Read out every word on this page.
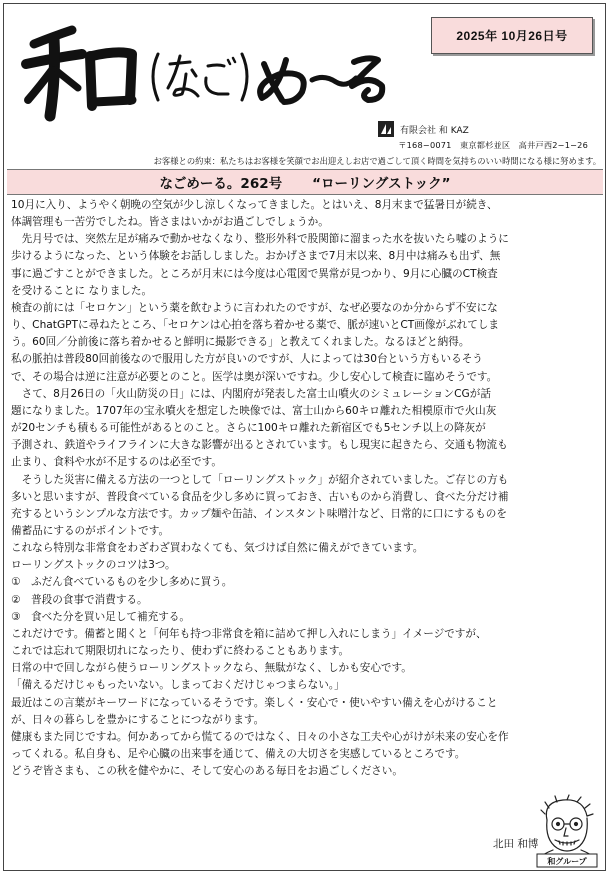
2025年 10月26日号
有限会社 和 KAZ
〒168−0071　東京都杉並区　高井戸西2−1−26
お客様との約束：私たちはお客様を笑顔でお出迎えしお店で過ごして頂く時間を気持ちのいい時間になる様に努めます。
なごめーる。262号 “ローリングストック”

10月に入り、ようやく朝晩の空気が少し涼しくなってきました。とはいえ、8月末まで猛暑日が続き、

体調管理も一苦労でしたね。皆さまはいかがお過ごしでしょうか。

　先月号では、突然左足が痛みで動かせなくなり、整形外科で股関節に溜まった水を抜いたら嘘のように

歩けるようになった、という体験をお話ししました。おかげさまで7月末以来、8月中は痛みも出ず、無

事に過ごすことができました。ところが月末には今度は心電図で異常が見つかり、9月に心臓のCT検査

を受けることに なりました。

検査の前には「セロケン」という薬を飲むように言われたのですが、なぜ必要なのか分からず不安にな

り、ChatGPTに尋ねたところ、「セロケンは心拍を落ち着かせる薬で、脈が速いとCT画像がぶれてしま

う。60回／分前後に落ち着かせると鮮明に撮影できる」と教えてくれました。なるほどと納得。

私の脈拍は普段80回前後なので服用した方が良いのですが、人によっては30台という方もいるそう

で、その場合は逆に注意が必要とのこと。医学は奥が深いですね。少し安心して検査に臨めそうです。

　さて、8月26日の「火山防災の日」には、内閣府が発表した富士山噴火のシミュレーションCGが話

題になりました。1707年の宝永噴火を想定した映像では、富士山から60キロ離れた相模原市で火山灰

が20センチも積もる可能性があるとのこと。さらに100キロ離れた新宿区でも5センチ以上の降灰が

予測され、鉄道やライフラインに大きな影響が出るとされています。もし現実に起きたら、交通も物流も

止まり、食料や水が不足するのは必至です。

　そうした災害に備える方法の一つとして「ローリングストック」が紹介されていました。ご存じの方も

多いと思いますが、普段食べている食品を少し多めに買っておき、古いものから消費し、食べた分だけ補

充するというシンプルな方法です。カップ麺や缶詰、インスタント味噌汁など、日常的に口にするものを

備蓄品にするのがポイントです。

これなら特別な非常食をわざわざ買わなくても、気づけば自然に備えができています。

ローリングストックのコツは3つ。

①　ふだん食べているものを少し多めに買う。

②　普段の食事で消費する。

③　食べた分を買い足して補充する。

これだけです。備蓄と聞くと「何年も持つ非常食を箱に詰めて押し入れにしまう」イメージですが、

これでは忘れて期限切れになったり、使わずに終わることもあります。

日常の中で回しながら使うローリングストックなら、無駄がなく、しかも安心です。

「備えるだけじゃもったいない。しまっておくだけじゃつまらない。」

最近はこの言葉がキーワードになっているそうです。楽しく・安心で・使いやすい備えを心がけること

が、日々の暮らしを豊かにすることにつながります。

健康もまた同じですね。何かあってから慌てるのではなく、日々の小さな工夫や心がけが未来の安心を作

ってくれる。私自身も、足や心臓の出来事を通じて、備えの大切さを実感しているところです。

どうぞ皆さまも、この秋を健やかに、そして安心のある毎日をお過ごしください。

北田 和博
和グループ
